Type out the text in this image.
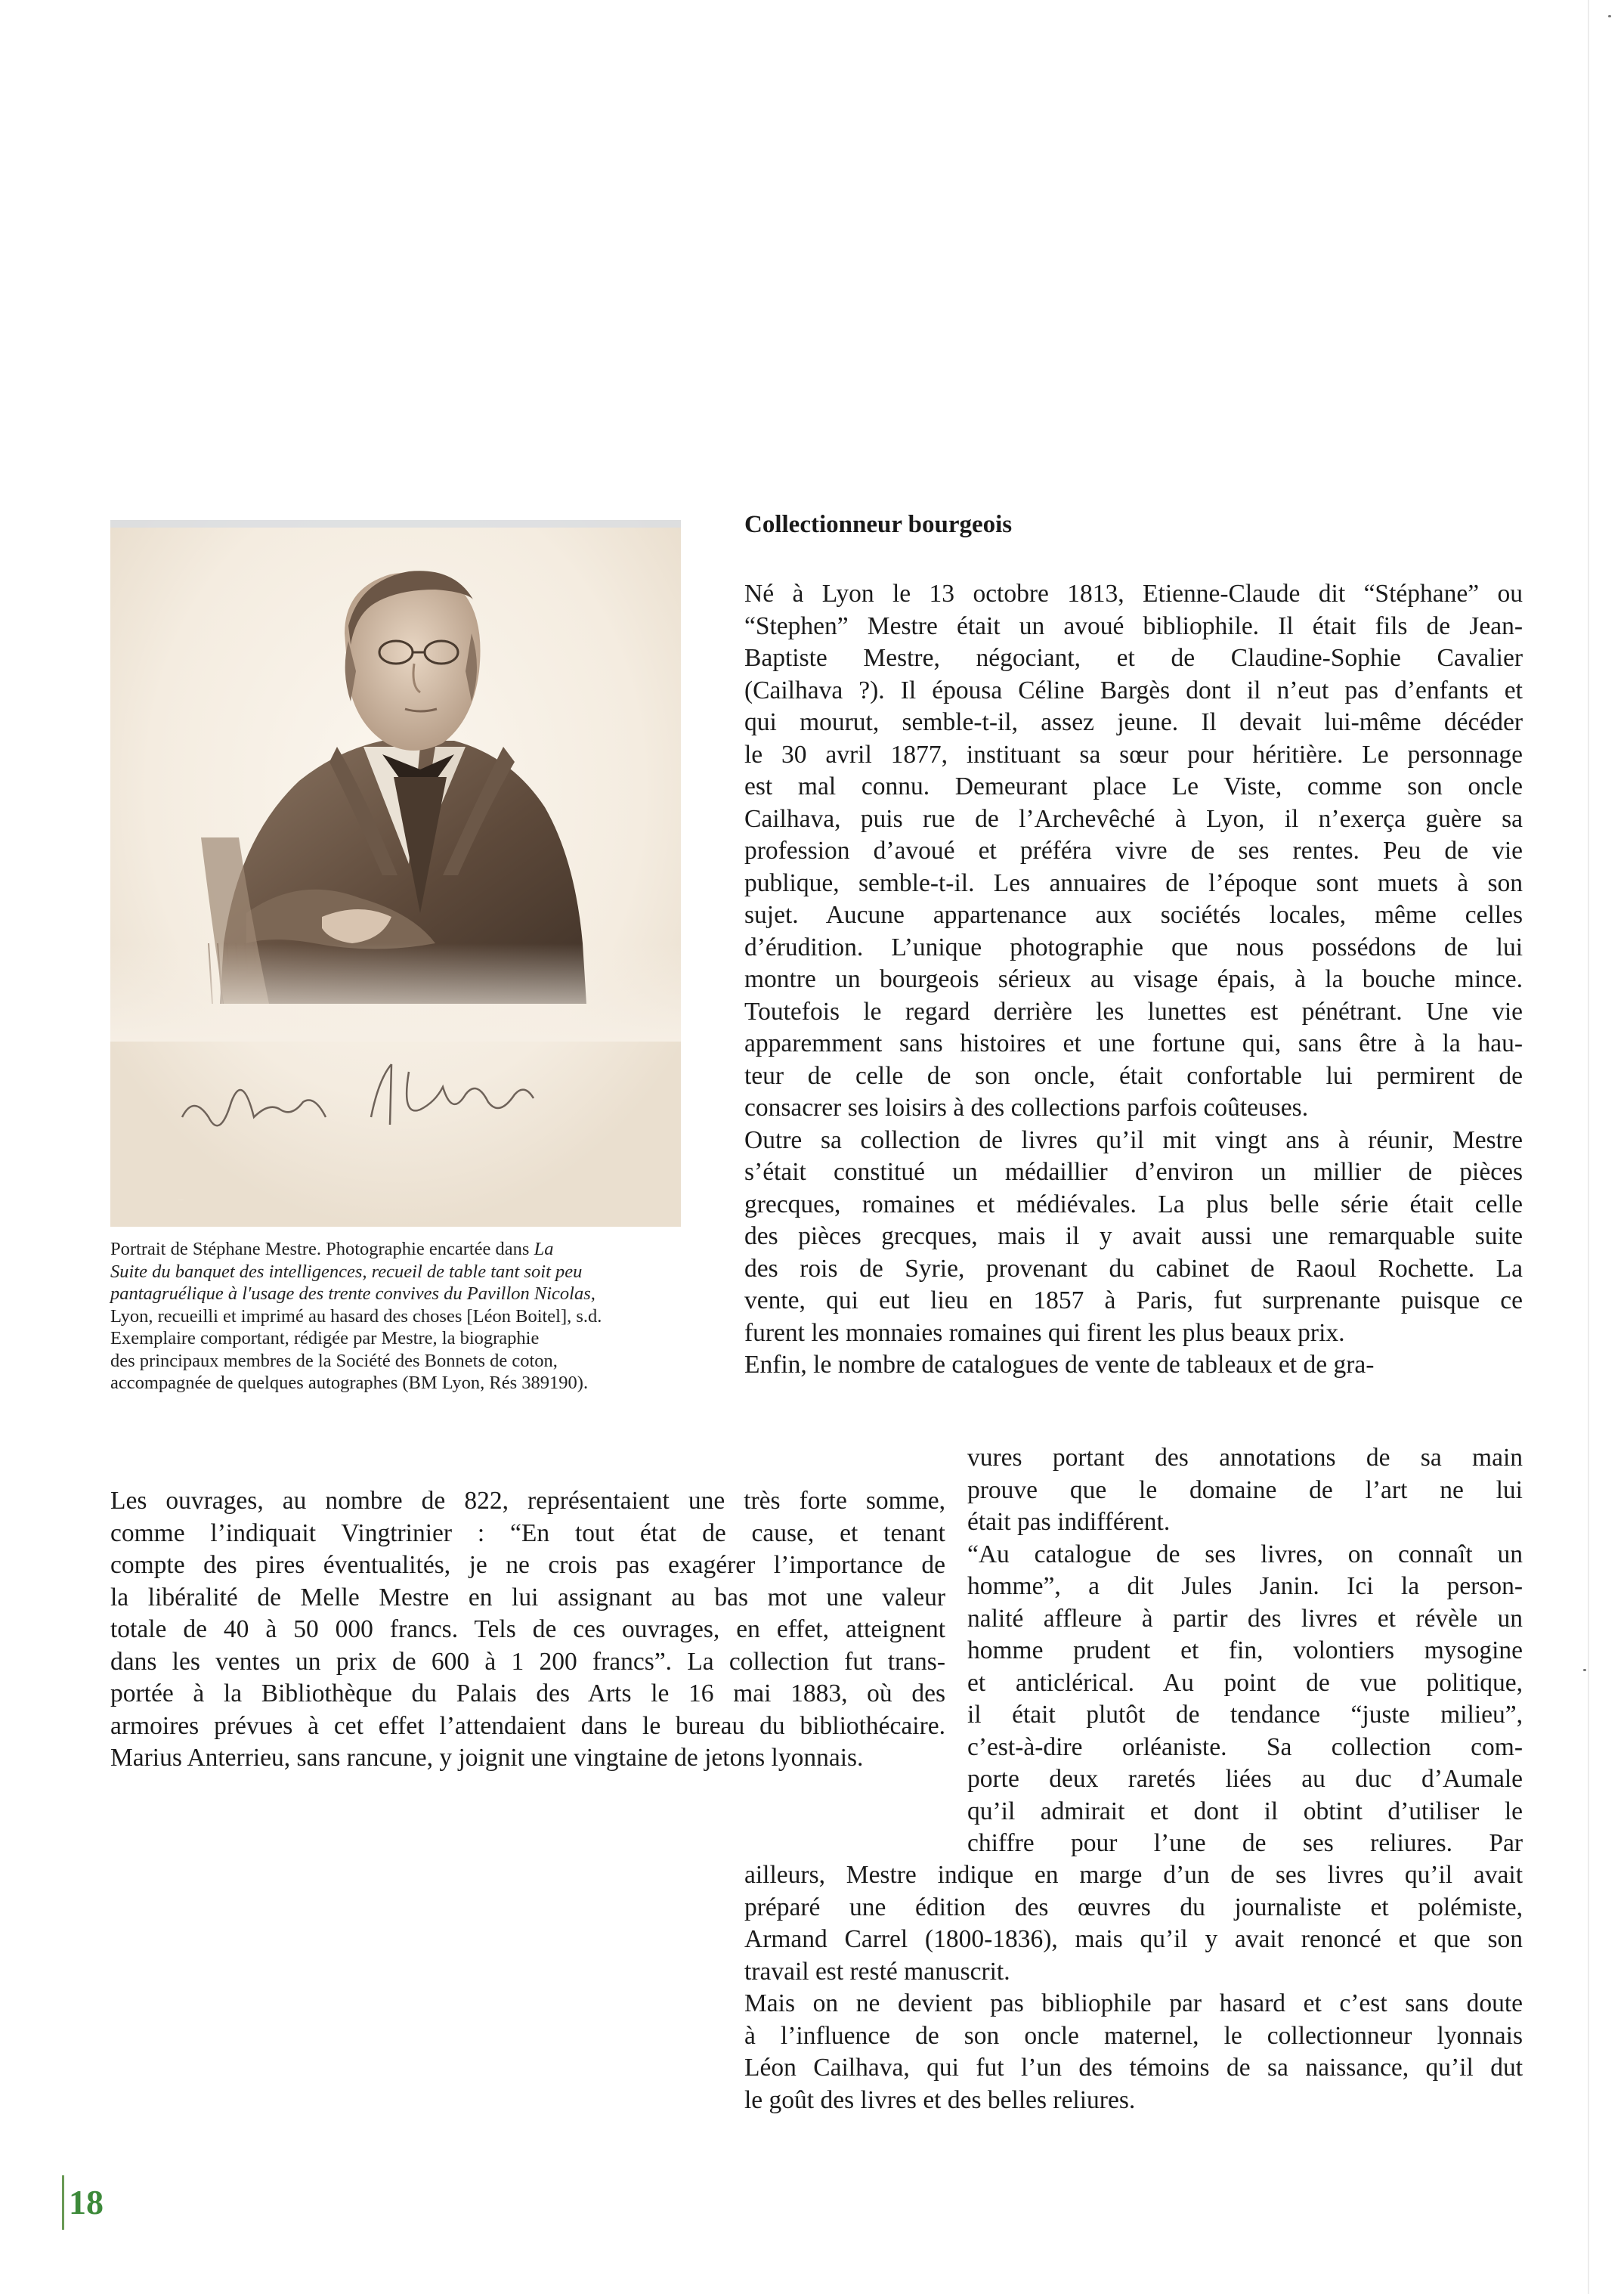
Stéphane Mestre
Portrait de Stéphane Mestre. Photographie encartée dans La
Suite du banquet des intelligences, recueil de table tant soit peu
pantagruélique à l'usage des trente convives du Pavillon Nicolas,
Lyon, recueilli et imprimé au hasard des choses [Léon Boitel], s.d.
Exemplaire comportant, rédigée par Mestre, la biographie
des principaux membres de la Société des Bonnets de coton,
accompagnée de quelques autographes (BM Lyon, Rés 389190).
Collectionneur bourgeois
Né à Lyon le 13 octobre 1813, Etienne-Claude dit “Stéphane” ou
“Stephen” Mestre était un avoué bibliophile. Il était fils de Jean-
Baptiste Mestre, négociant, et de Claudine-Sophie Cavalier
(Cailhava ?). Il épousa Céline Bargès dont il n’eut pas d’enfants et
qui mourut, semble-t-il, assez jeune. Il devait lui-même décéder
le 30 avril 1877, instituant sa sœur pour héritière. Le personnage
est mal connu. Demeurant place Le Viste, comme son oncle
Cailhava, puis rue de l’Archevêché à Lyon, il n’exerça guère sa
profession d’avoué et préféra vivre de ses rentes. Peu de vie
publique, semble-t-il. Les annuaires de l’époque sont muets à son
sujet. Aucune appartenance aux sociétés locales, même celles
d’érudition. L’unique photographie que nous possédons de lui
montre un bourgeois sérieux au visage épais, à la bouche mince.
Toutefois le regard derrière les lunettes est pénétrant. Une vie
apparemment sans histoires et une fortune qui, sans être à la hau-
teur de celle de son oncle, était confortable lui permirent de
consacrer ses loisirs à des collections parfois coûteuses.
Outre sa collection de livres qu’il mit vingt ans à réunir, Mestre
s’était constitué un médaillier d’environ un millier de pièces
grecques, romaines et médiévales. La plus belle série était celle
des pièces grecques, mais il y avait aussi une remarquable suite
des rois de Syrie, provenant du cabinet de Raoul Rochette. La
vente, qui eut lieu en 1857 à Paris, fut surprenante puisque ce
furent les monnaies romaines qui firent les plus beaux prix.
Enfin, le nombre de catalogues de vente de tableaux et de gra-
vures portant des annotations de sa main
prouve que le domaine de l’art ne lui
était pas indifférent.
“Au catalogue de ses livres, on connaît un
homme”, a dit Jules Janin. Ici la person-
nalité affleure à partir des livres et révèle un
homme prudent et fin, volontiers mysogine
et anticlérical. Au point de vue politique,
il était plutôt de tendance “juste milieu”,
c’est-à-dire orléaniste. Sa collection com-
porte deux raretés liées au duc d’Aumale
qu’il admirait et dont il obtint d’utiliser le
chiffre pour l’une de ses reliures. Par
Les ouvrages, au nombre de 822, représentaient une très forte somme,
comme l’indiquait Vingtrinier : “En tout état de cause, et tenant
compte des pires éventualités, je ne crois pas exagérer l’importance de
la libéralité de Melle Mestre en lui assignant au bas mot une valeur
totale de 40 à 50 000 francs. Tels de ces ouvrages, en effet, atteignent
dans les ventes un prix de 600 à 1 200 francs”. La collection fut trans-
portée à la Bibliothèque du Palais des Arts le 16 mai 1883, où des
armoires prévues à cet effet l’attendaient dans le bureau du bibliothécaire.
Marius Anterrieu, sans rancune, y joignit une vingtaine de jetons lyonnais.
ailleurs, Mestre indique en marge d’un de ses livres qu’il avait
préparé une édition des œuvres du journaliste et polémiste,
Armand Carrel (1800-1836), mais qu’il y avait renoncé et que son
travail est resté manuscrit.
Mais on ne devient pas bibliophile par hasard et c’est sans doute
à l’influence de son oncle maternel, le collectionneur lyonnais
Léon Cailhava, qui fut l’un des témoins de sa naissance, qu’il dut
le goût des livres et des belles reliures.
18
